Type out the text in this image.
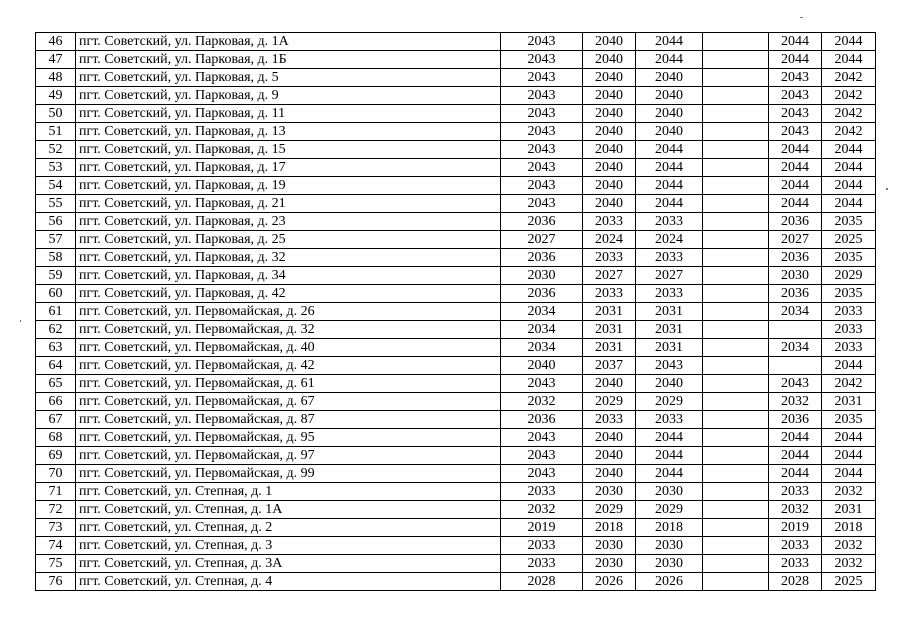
46	пгт. Советский, ул. Парковая, д. 1А	2043	2040	2044		2044	2044
47	пгт. Советский, ул. Парковая, д. 1Б	2043	2040	2044		2044	2044
48	пгт. Советский, ул. Парковая, д. 5	2043	2040	2040		2043	2042
49	пгт. Советский, ул. Парковая, д. 9	2043	2040	2040		2043	2042
50	пгт. Советский, ул. Парковая, д. 11	2043	2040	2040		2043	2042
51	пгт. Советский, ул. Парковая, д. 13	2043	2040	2040		2043	2042
52	пгт. Советский, ул. Парковая, д. 15	2043	2040	2044		2044	2044
53	пгт. Советский, ул. Парковая, д. 17	2043	2040	2044		2044	2044
54	пгт. Советский, ул. Парковая, д. 19	2043	2040	2044		2044	2044
55	пгт. Советский, ул. Парковая, д. 21	2043	2040	2044		2044	2044
56	пгт. Советский, ул. Парковая, д. 23	2036	2033	2033		2036	2035
57	пгт. Советский, ул. Парковая, д. 25	2027	2024	2024		2027	2025
58	пгт. Советский, ул. Парковая, д. 32	2036	2033	2033		2036	2035
59	пгт. Советский, ул. Парковая, д. 34	2030	2027	2027		2030	2029
60	пгт. Советский, ул. Парковая, д. 42	2036	2033	2033		2036	2035
61	пгт. Советский, ул. Первомайская, д. 26	2034	2031	2031		2034	2033
62	пгт. Советский, ул. Первомайская, д. 32	2034	2031	2031			2033
63	пгт. Советский, ул. Первомайская, д. 40	2034	2031	2031		2034	2033
64	пгт. Советский, ул. Первомайская, д. 42	2040	2037	2043			2044
65	пгт. Советский, ул. Первомайская, д. 61	2043	2040	2040		2043	2042
66	пгт. Советский, ул. Первомайская, д. 67	2032	2029	2029		2032	2031
67	пгт. Советский, ул. Первомайская, д. 87	2036	2033	2033		2036	2035
68	пгт. Советский, ул. Первомайская, д. 95	2043	2040	2044		2044	2044
69	пгт. Советский, ул. Первомайская, д. 97	2043	2040	2044		2044	2044
70	пгт. Советский, ул. Первомайская, д. 99	2043	2040	2044		2044	2044
71	пгт. Советский, ул. Степная, д. 1	2033	2030	2030		2033	2032
72	пгт. Советский, ул. Степная, д. 1А	2032	2029	2029		2032	2031
73	пгт. Советский, ул. Степная, д. 2	2019	2018	2018		2019	2018
74	пгт. Советский, ул. Степная, д. 3	2033	2030	2030		2033	2032
75	пгт. Советский, ул. Степная, д. 3А	2033	2030	2030		2033	2032
76	пгт. Советский, ул. Степная, д. 4	2028	2026	2026		2028	2025
